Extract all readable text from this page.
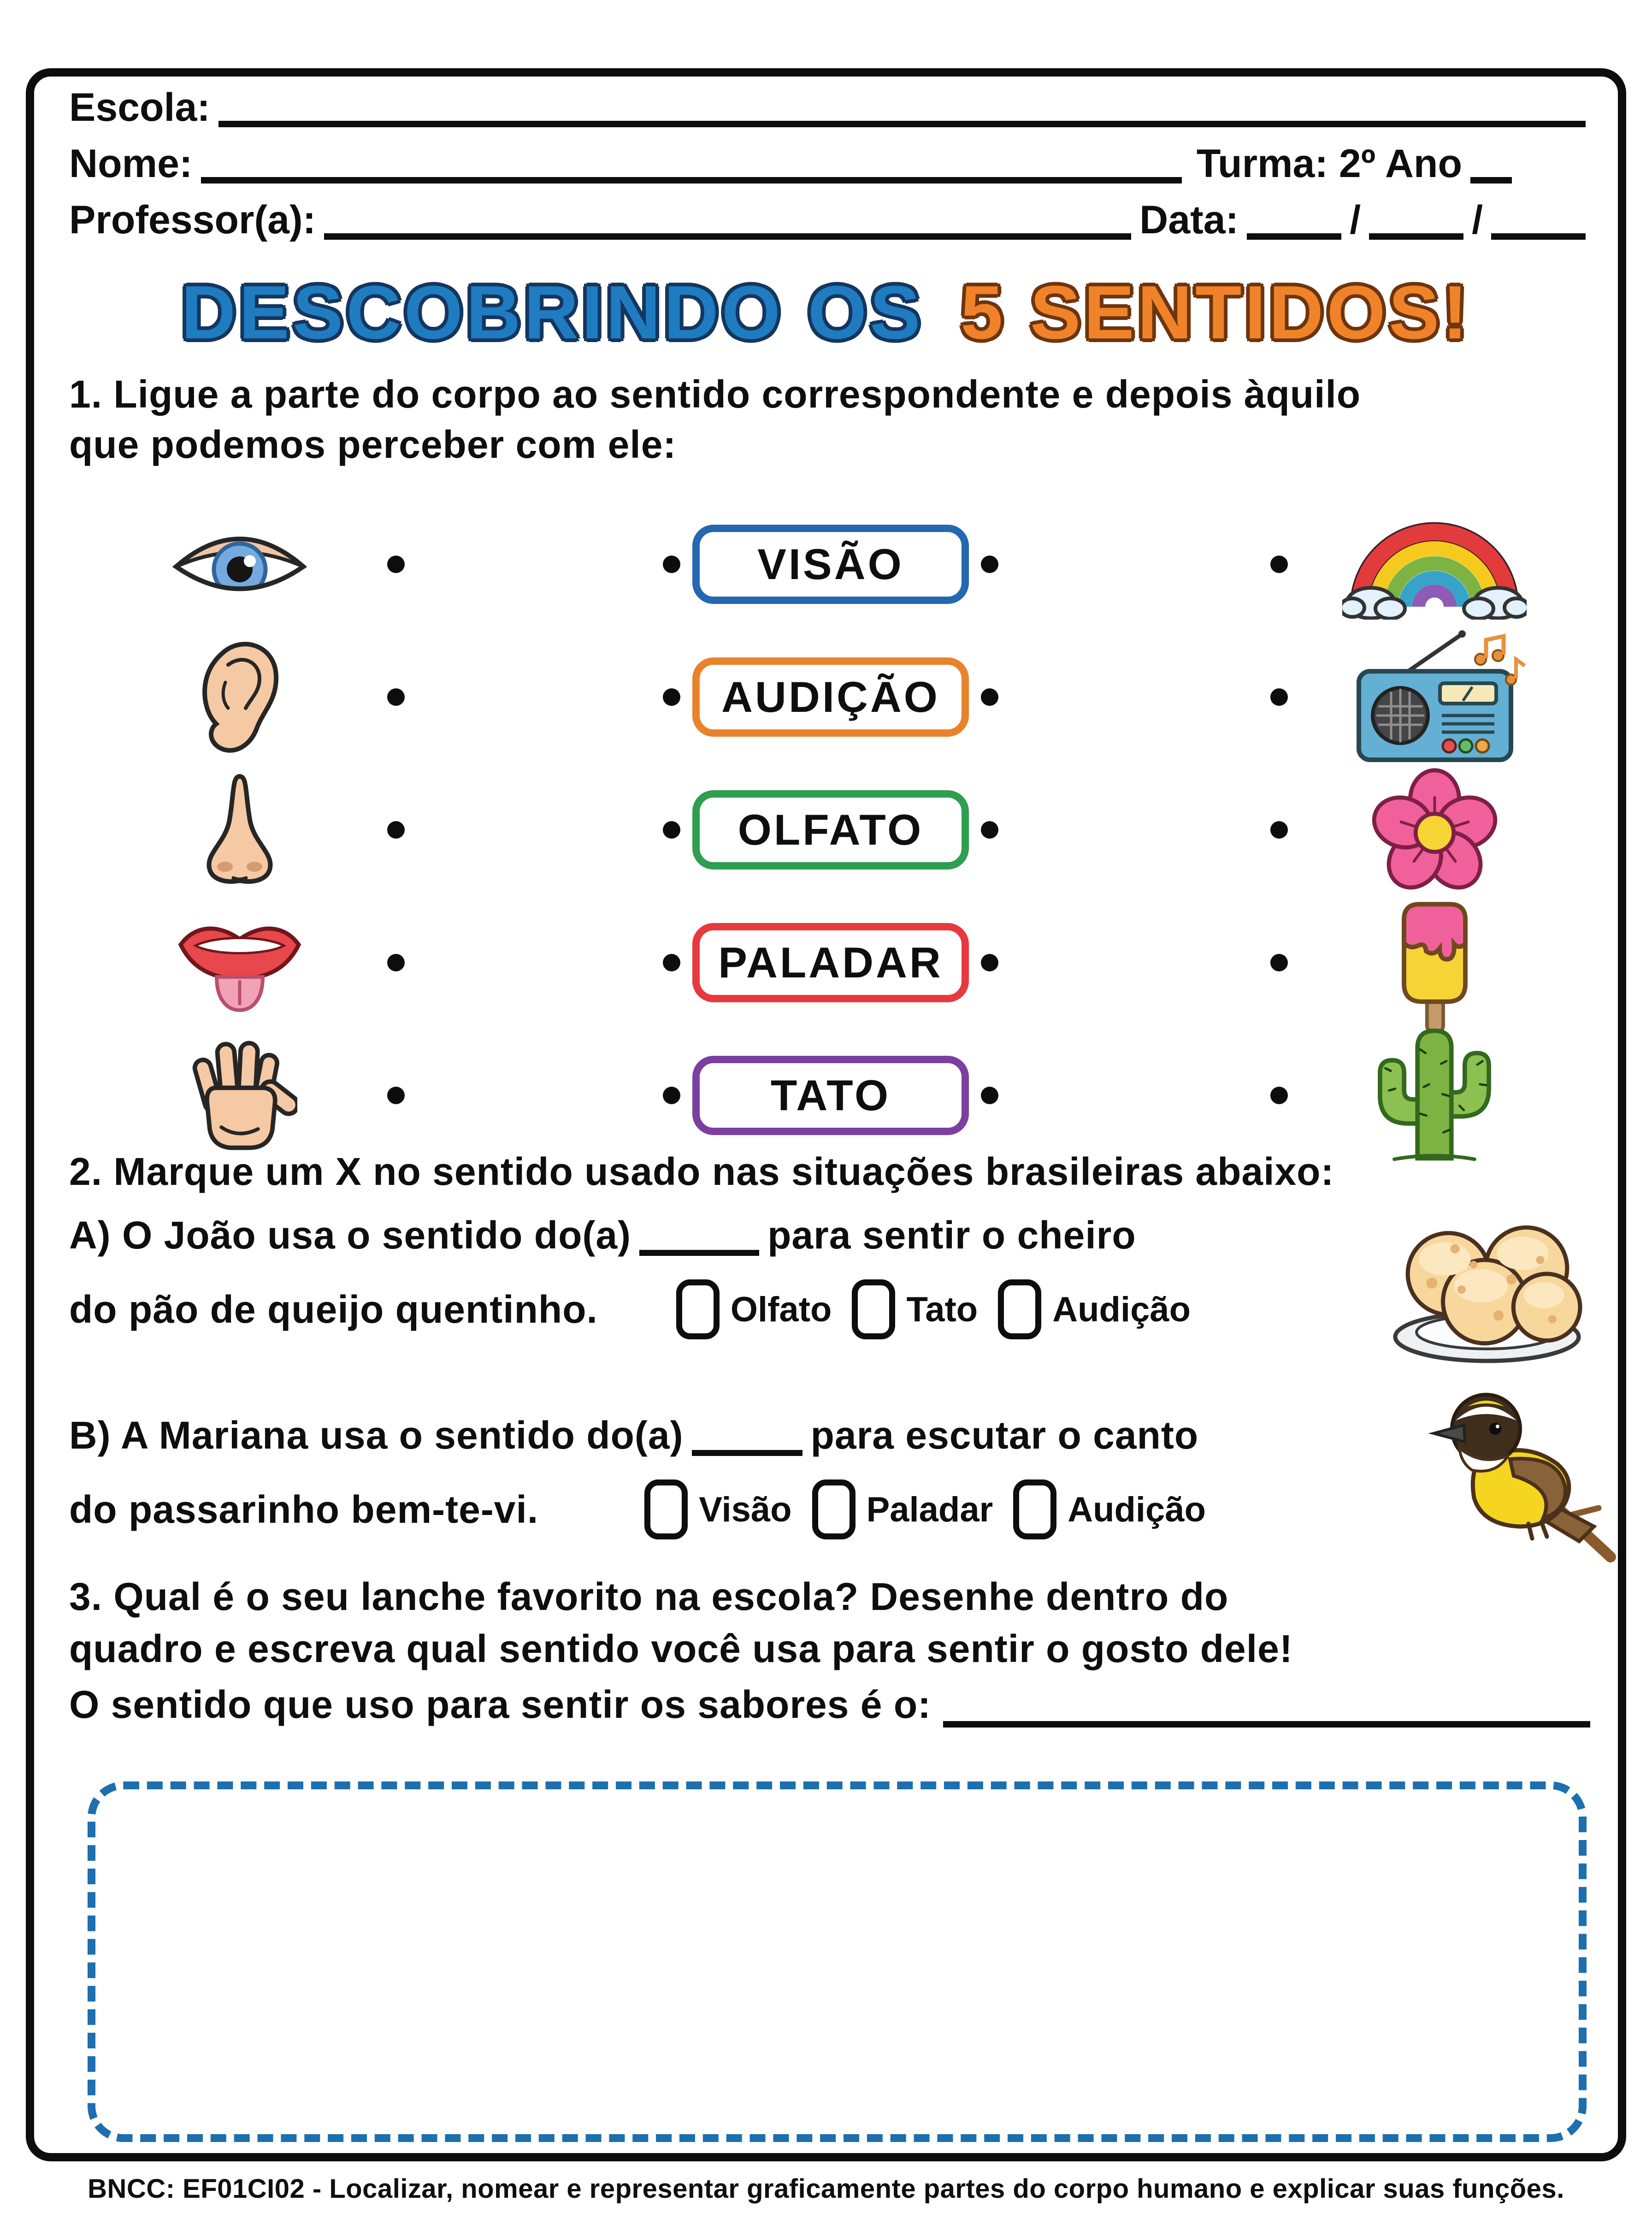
Escola:
Nome:	Turma: 2º Ano
Professor(a):	Data:	/	/
DESCOBRINDO OS 5 SENTIDOS!
1. Ligue a parte do corpo ao sentido correspondente e depois àquilo
que podemos perceber com ele:
VISÃO
AUDIÇÃO
OLFATO
PALADAR
TATO
2. Marque um X no sentido usado nas situações brasileiras abaixo:
A) O João usa o sentido do(a)	para sentir o cheiro
do pão de queijo quentinho.	Olfato Tato Audição
B) A Mariana usa o sentido do(a)	para escutar o canto
do passarinho bem-te-vi.	Visão Paladar Audição
3. Qual é o seu lanche favorito na escola? Desenhe dentro do
quadro e escreva qual sentido você usa para sentir o gosto dele!
O sentido que uso para sentir os sabores é o:
BNCC: EF01CI02 - Localizar, nomear e representar graficamente partes do corpo humano e explicar suas funções.
